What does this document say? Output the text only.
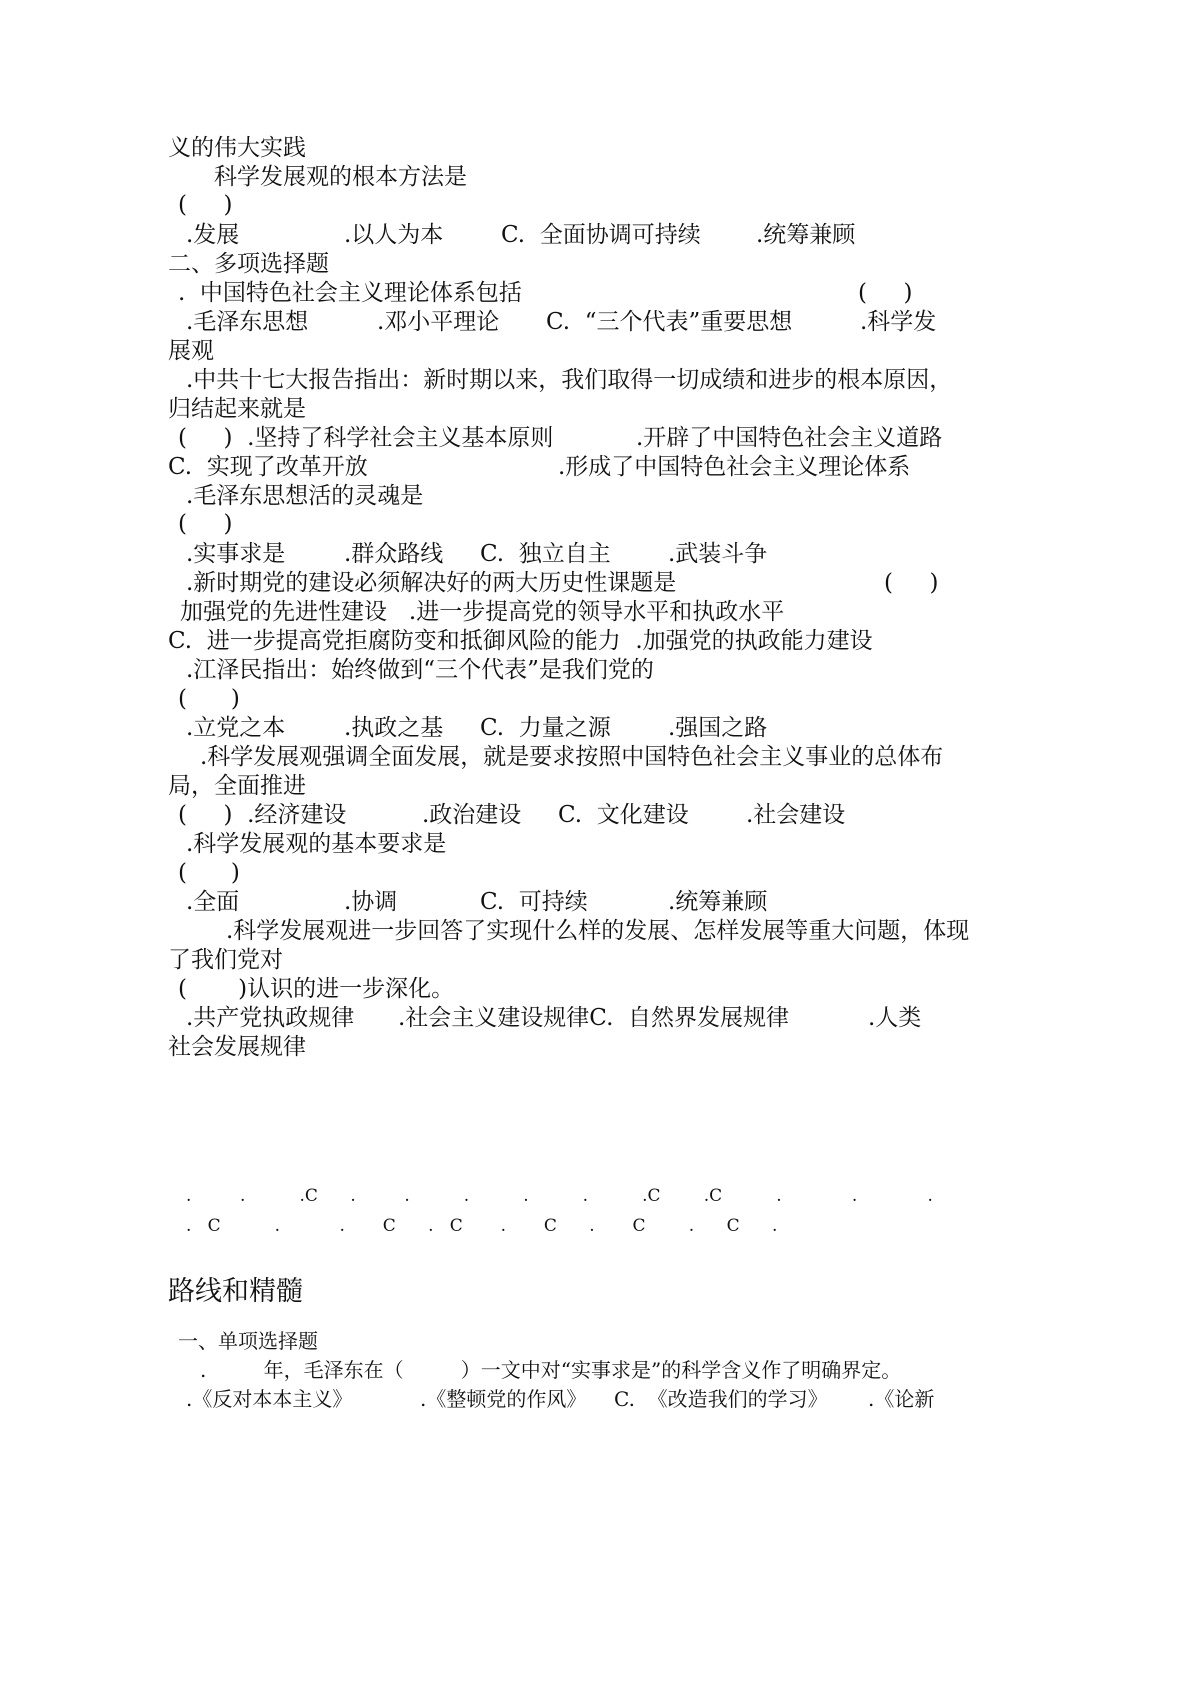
义的伟大实践
科学发展观的根本方法是
(     )
.发展	.以人为本	C.  全面协调可持续 .统筹兼顾
二、多项选择题
.  中国特色社会主义理论体系包括	(     )
.毛泽东思想	.邓小平理论 C.  “三个代表”重要思想	.科学发
展观
.中共十七大报告指出：新时期以来，我们取得一切成绩和进步的根本原因，
归结起来就是
(     )  .坚持了科学社会主义基本原则	.开辟了中国特色社会主义道路
C.  实现了改革开放	.形成了中国特色社会主义理论体系
.毛泽东思想活的灵魂是
(     )
.实事求是	.群众路线 C.  独立自主 .武装斗争
.新时期党的建设必须解决好的两大历史性课题是	(     )
加强党的先进性建设   .进一步提高党的领导水平和执政水平
C.  进一步提高党拒腐防变和抵御风险的能力  .加强党的执政能力建设
.江泽民指出：始终做到“三个代表”是我们党的
(      )
.立党之本	.执政之基 C.  力量之源 .强国之路
.科学发展观强调全面发展，就是要求按照中国特色社会主义事业的总体布
局，全面推进
(     )  .经济建设	.政治建设 C.  文化建设 .社会建设
.科学发展观的基本要求是
(      )
.全面	.协调	C.  可持续	.统筹兼顾
.科学发展观进一步回答了实现什么样的发展、怎样发展等重大问题，体现
了我们党对
(       )认识的进一步深化。
.共产党执政规律 .社会主义建设规律C.  自然界发展规律	.人类
社会发展规律
.         .          .C      .         .          .          .          .          .C        .C          .             .             .
.   C          .           .       C      .   C       .       C      .       C        .      C      .
路线和精髓
一、单项选择题
.         年，毛泽东在（         ）一文中对“实事求是”的科学含义作了明确界定。
.《反对本本主义》	.《整顿党的作风》 C.  《改造我们的学习》 .《论新
